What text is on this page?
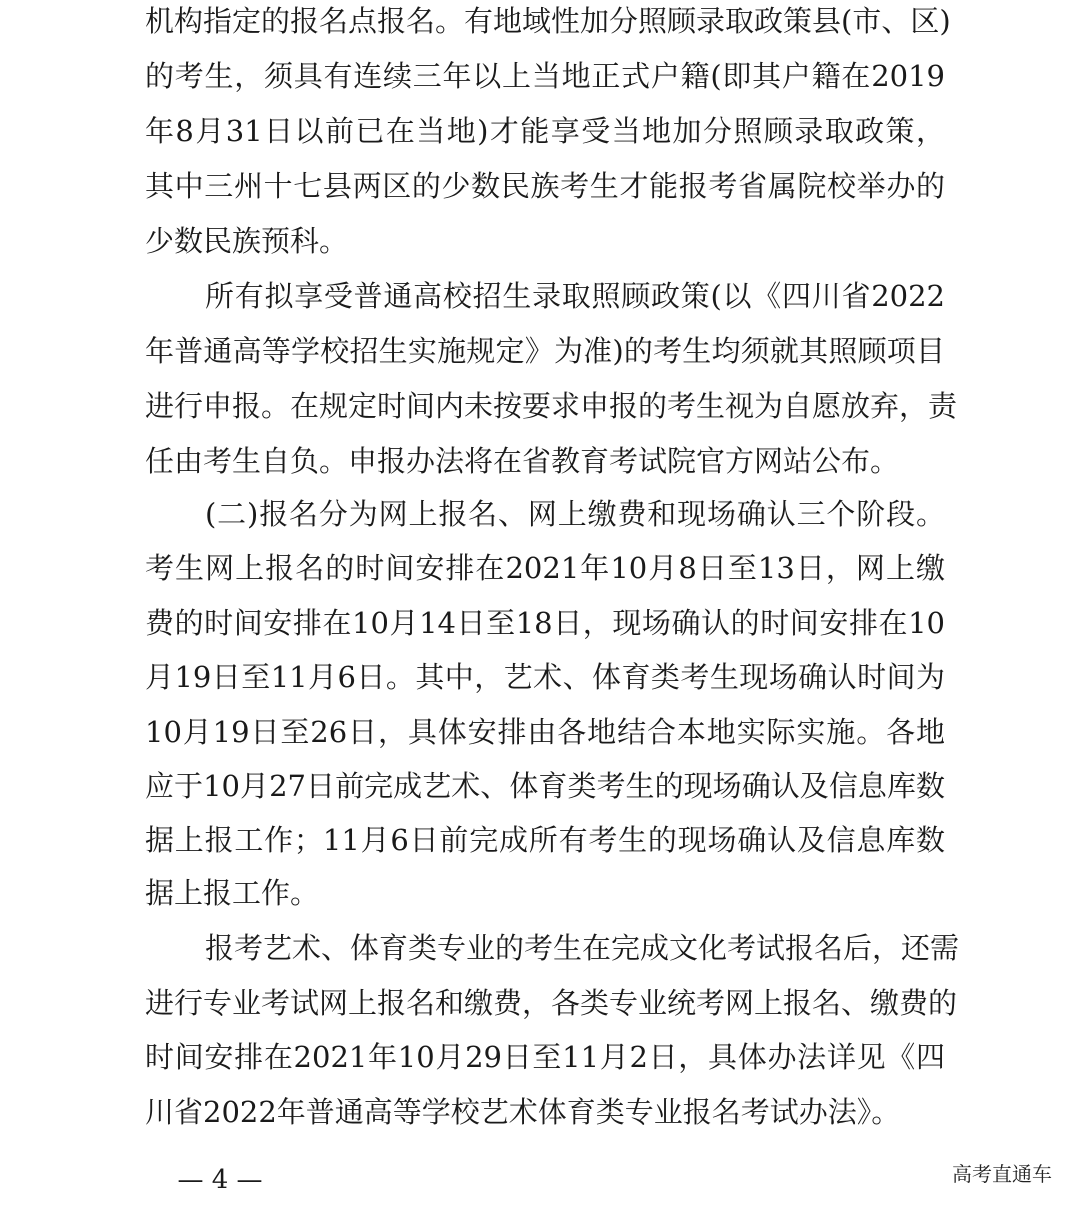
机构指定的报名点报名。有地域性加分照顾录取政策县(市、区)
的考生，须具有连续三年以上当地正式户籍(即其户籍在2019
年8月31日以前已在当地)才能享受当地加分照顾录取政策，
其中三州十七县两区的少数民族考生才能报考省属院校举办的
少数民族预科。
所有拟享受普通高校招生录取照顾政策(以《四川省2022
年普通高等学校招生实施规定》为准)的考生均须就其照顾项目
进行申报。在规定时间内未按要求申报的考生视为自愿放弃，责
任由考生自负。申报办法将在省教育考试院官方网站公布。
(二)报名分为网上报名、网上缴费和现场确认三个阶段。
考生网上报名的时间安排在2021年10月8日至13日，网上缴
费的时间安排在10月14日至18日，现场确认的时间安排在10
月19日至11月6日。其中，艺术、体育类考生现场确认时间为
10月19日至26日，具体安排由各地结合本地实际实施。各地
应于10月27日前完成艺术、体育类考生的现场确认及信息库数
据上报工作；11月6日前完成所有考生的现场确认及信息库数
据上报工作。
报考艺术、体育类专业的考生在完成文化考试报名后，还需
进行专业考试网上报名和缴费，各类专业统考网上报名、缴费的
时间安排在2021年10月29日至11月2日，具体办法详见《四
川省2022年普通高等学校艺术体育类专业报名考试办法》。
— 4 —	高考直通车
